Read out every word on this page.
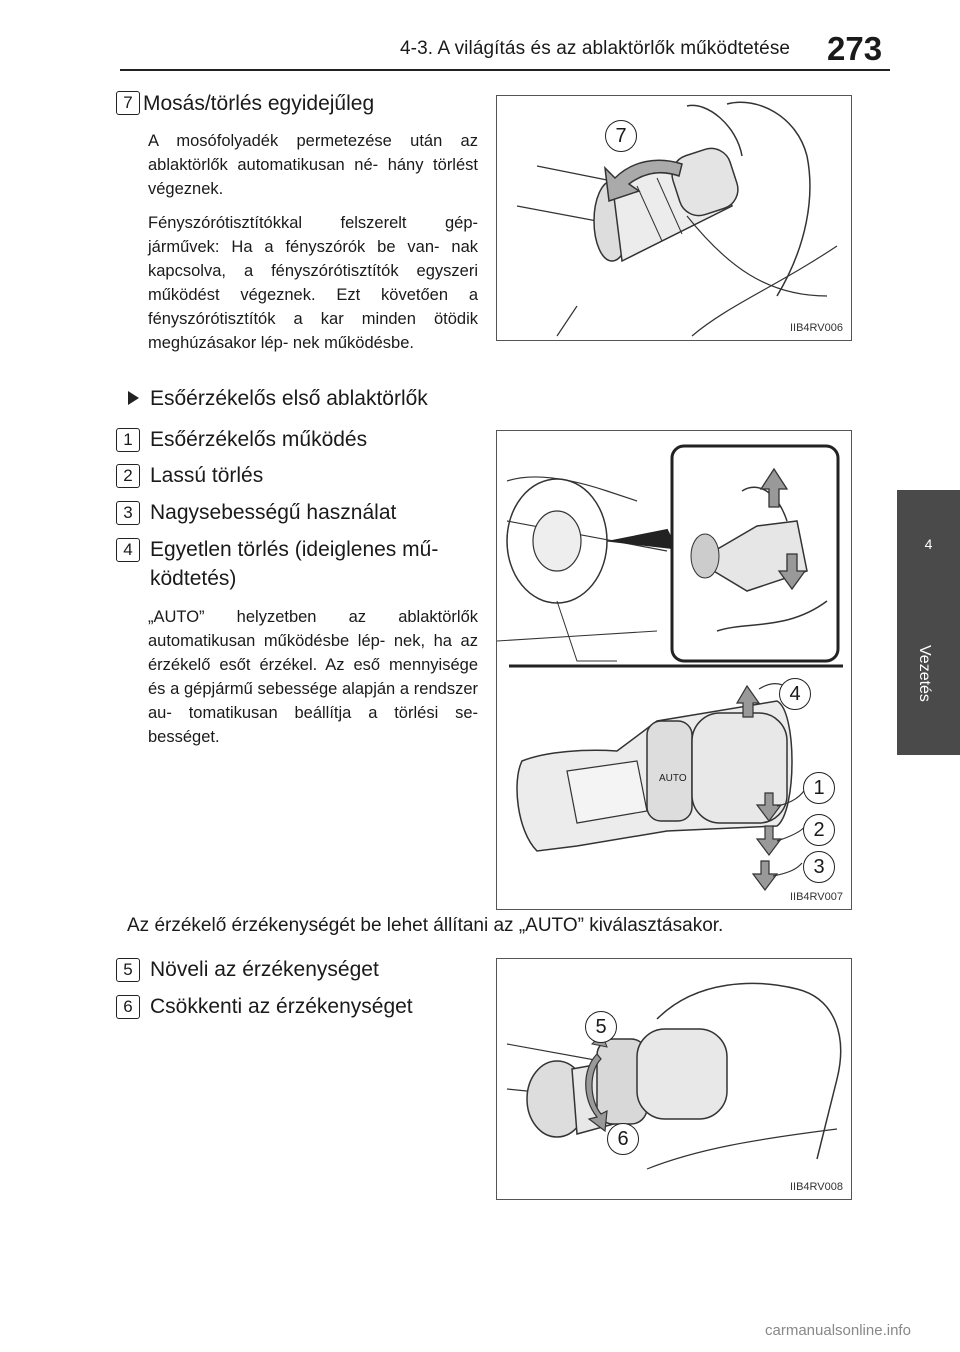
4-3. A világítás és az ablaktörlők működtetése 273
4
Vezetés
7 Mosás/törlés egyidejűleg
A mosófolyadék permetezése után az ablaktörlők automatikusan né- hány törlést végeznek.
Fényszórótisztítókkal felszerelt gép- járművek: Ha a fényszórók be van- nak kapcsolva, a fényszórótisztítók egyszeri működést végeznek. Ezt követően a fényszórótisztítók a kar minden ötödik meghúzásakor lép- nek működésbe.
7
IIB4RV006
Esőérzékelős első ablaktörlők
1 Esőérzékelős működés
2 Lassú törlés
3 Nagysebességű használat
4 Egyetlen törlés (ideiglenes mű-
ködtetés)
„AUTO” helyzetben az ablaktörlők automatikusan működésbe lép- nek, ha az érzékelő esőt érzékel. Az eső mennyisége és a gépjármű sebessége alapján a rendszer au- tomatikusan beállítja a törlési se- bességet.
AUTO
4
1
2
3
IIB4RV007
Az érzékelő érzékenységét be lehet állítani az „AUTO” kiválasztásakor.
5 Növeli az érzékenységet
6 Csökkenti az érzékenységet
5
6
IIB4RV008
carmanualsonline.info
